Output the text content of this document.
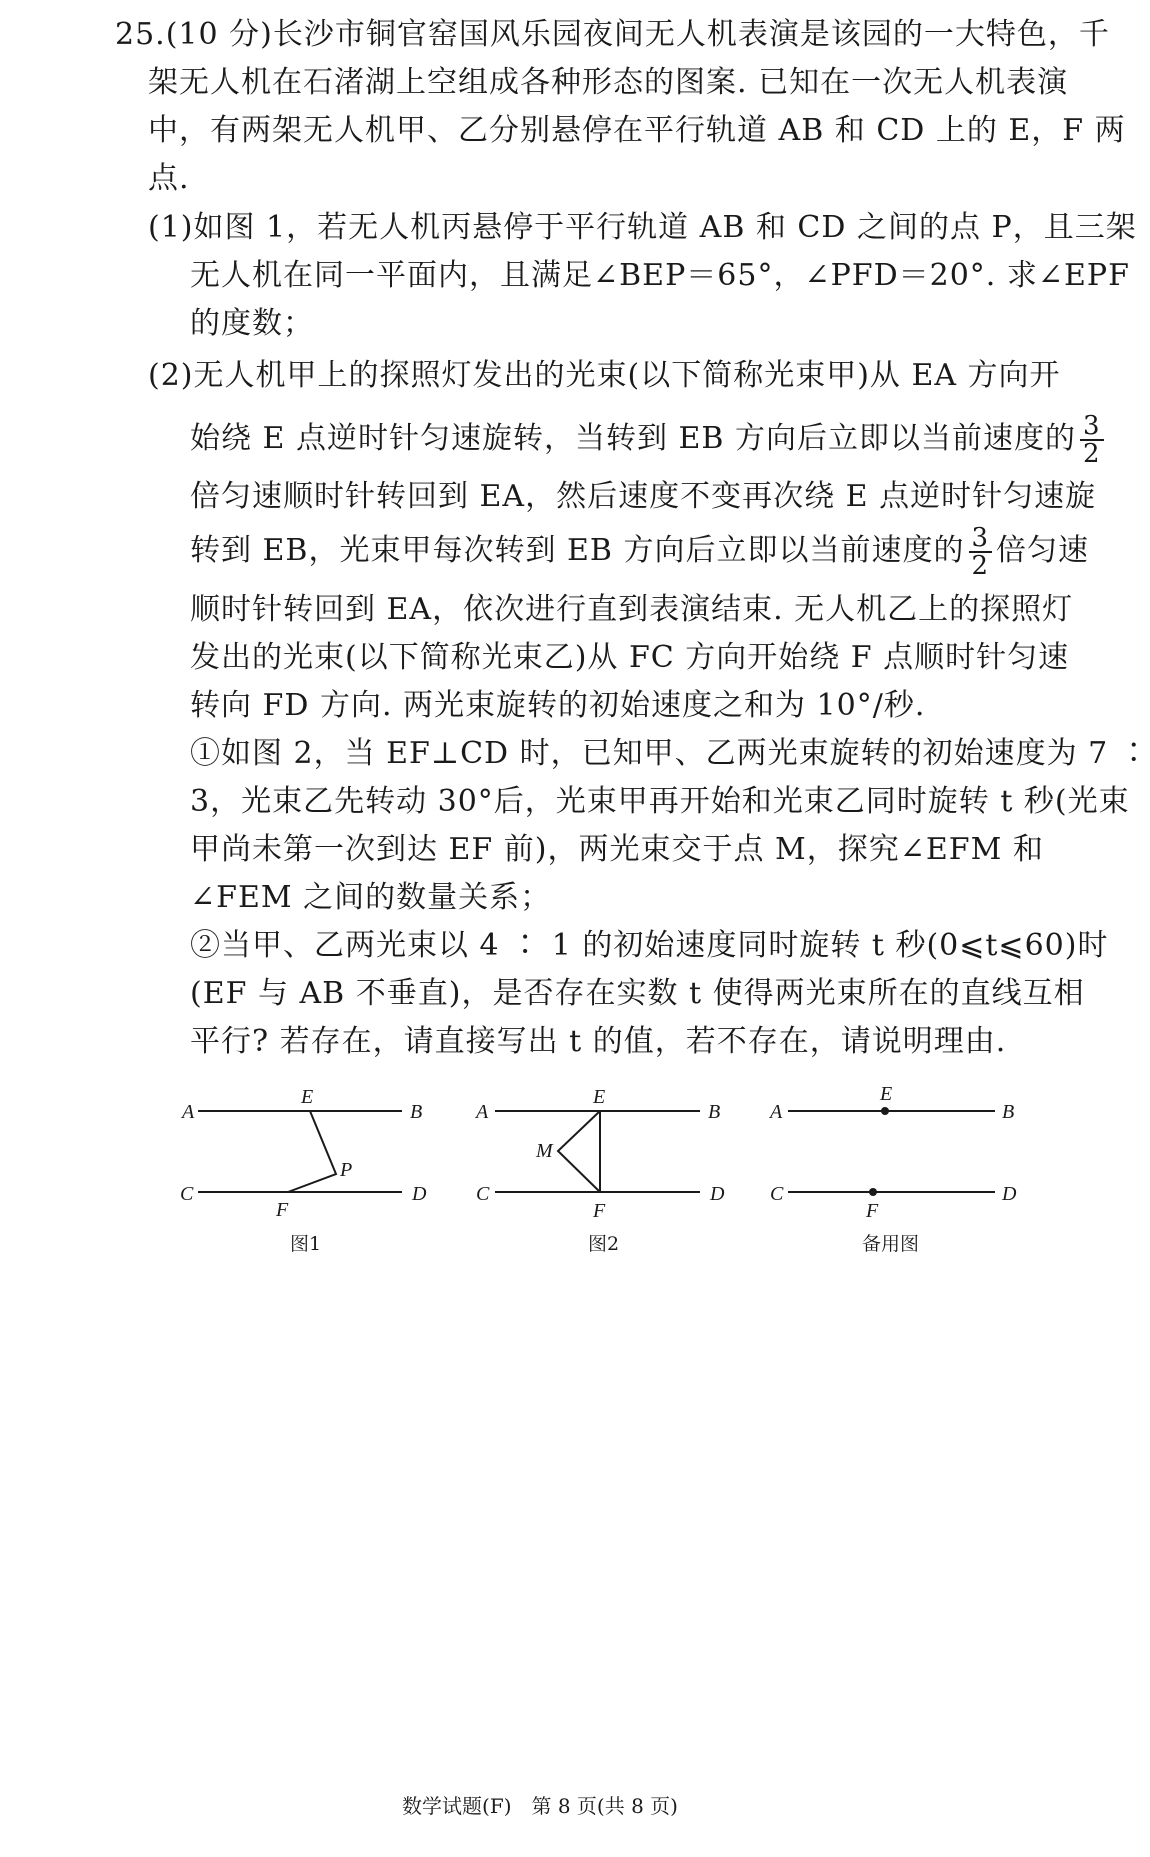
25.(10 分)长沙市铜官窑国风乐园夜间无人机表演是该园的一大特色，千
架无人机在石渚湖上空组成各种形态的图案. 已知在一次无人机表演
中，有两架无人机甲、乙分别悬停在平行轨道 AB 和 CD 上的 E，F 两
点.
(1)如图 1，若无人机丙悬停于平行轨道 AB 和 CD 之间的点 P，且三架
无人机在同一平面内，且满足∠BEP＝65°，∠PFD＝20°. 求∠EPF
的度数；
(2)无人机甲上的探照灯发出的光束(以下简称光束甲)从 EA 方向开
始绕 E 点逆时针匀速旋转，当转到 EB 方向后立即以当前速度的 $\frac{3}{2}$
倍匀速顺时针转回到 EA，然后速度不变再次绕 E 点逆时针匀速旋
转到 EB，光束甲每次转到 EB 方向后立即以当前速度的 $\frac{3}{2}$ 倍匀速
顺时针转回到 EA，依次进行直到表演结束. 无人机乙上的探照灯
发出的光束(以下简称光束乙)从 FC 方向开始绕 F 点顺时针匀速
转向 FD 方向. 两光束旋转的初始速度之和为 10°/秒.
①如图 2，当 EF⊥CD 时，已知甲、乙两光束旋转的初始速度为 7 ∶
3，光束乙先转动 30°后，光束甲再开始和光束乙同时旋转 t 秒(光束
甲尚未第一次到达 EF 前)，两光束交于点 M，探究∠EFM 和
∠FEM 之间的数量关系；
②当甲、乙两光束以 4 ∶ 1 的初始速度同时旋转 t 秒(0⩽t⩽60)时
(EF 与 AB 不垂直)，是否存在实数 t 使得两光束所在的直线互相
平行? 若存在，请直接写出 t 的值，若不存在，请说明理由.
A	B
E
P
C	D
F
图1
A	B
E
M
C	D
F
图2
A	B
E
C	D
F
备用图
数学试题(F)　第 8 页(共 8 页)
